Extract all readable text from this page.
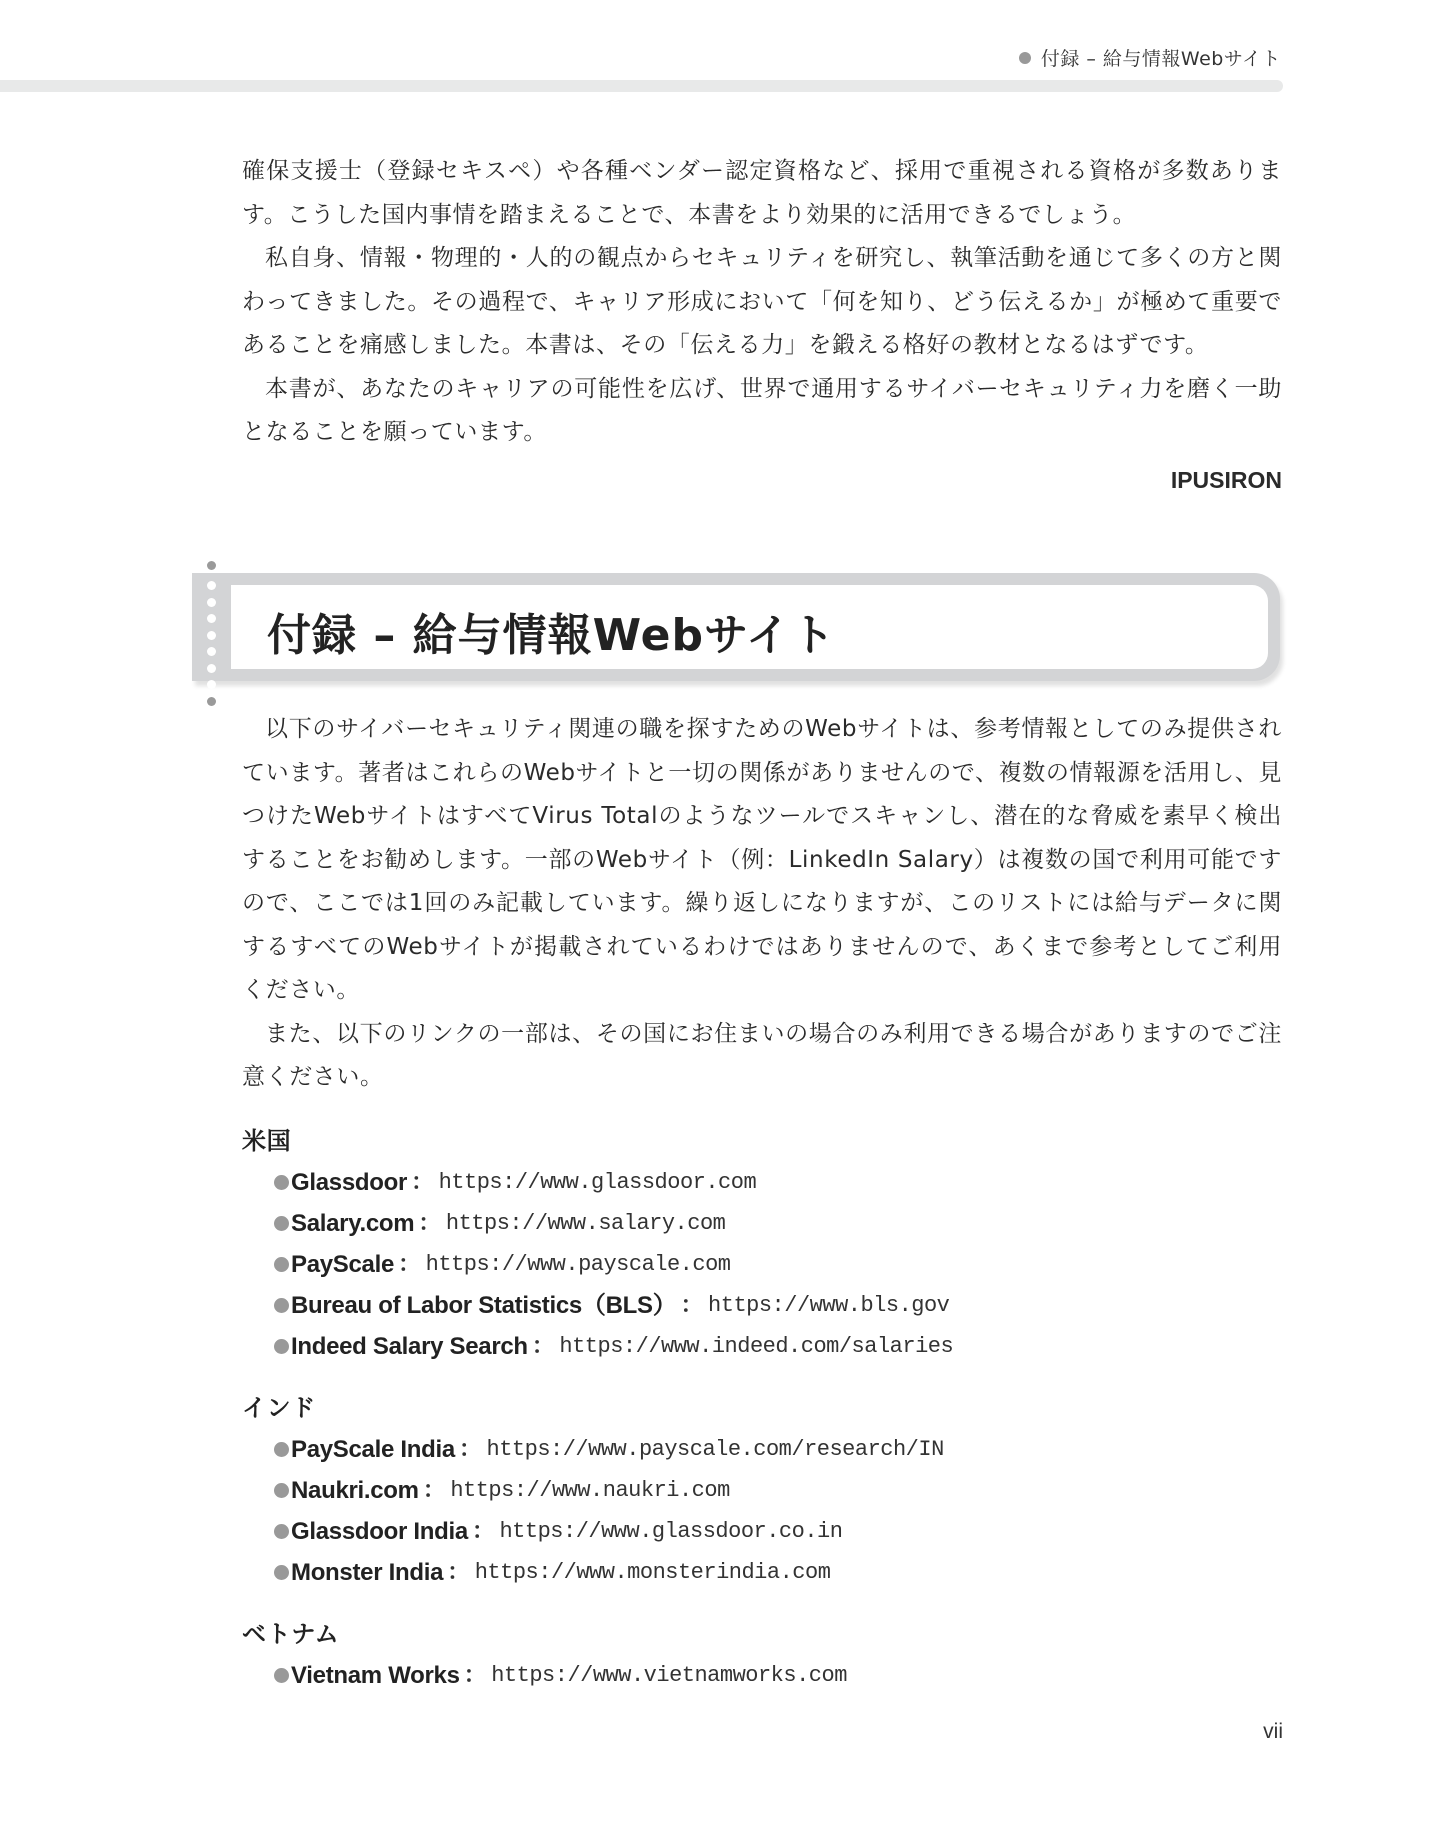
付録 – 給与情報Webサイト

確保支援士（登録セキスペ）や各種ベンダー認定資格など、採用で重視される資格が多数あります。こうした国内事情を踏まえることで、本書をより効果的に活用できるでしょう。

私自身、情報・物理的・人的の観点からセキュリティを研究し、執筆活動を通じて多くの方と関わってきました。その過程で、キャリア形成において「何を知り、どう伝えるか」が極めて重要であることを痛感しました。本書は、その「伝える力」を鍛える格好の教材となるはずです。

本書が、あなたのキャリアの可能性を広げ、世界で通用するサイバーセキュリティ力を磨く一助となることを願っています。

IPUSIRON
付録 – 給与情報Webサイト

以下のサイバーセキュリティ関連の職を探すためのWebサイトは、参考情報としてのみ提供されています。著者はこれらのWebサイトと一切の関係がありませんので、複数の情報源を活用し、見つけたWebサイトはすべてVirus Totalのようなツールでスキャンし、潜在的な脅威を素早く検出することをお勧めします。一部のWebサイト（例：LinkedIn Salary）は複数の国で利用可能ですので、ここでは1回のみ記載しています。繰り返しになりますが、このリストには給与データに関するすべてのWebサイトが掲載されているわけではありませんので、あくまで参考としてご利用ください。

また、以下のリンクの一部は、その国にお住まいの場合のみ利用できる場合がありますのでご注意ください。

米国
Glassdoor ： https://www.glassdoor.com
Salary.com ： https://www.salary.com
PayScale ： https://www.payscale.com
Bureau of Labor Statistics（BLS） ： https://www.bls.gov
Indeed Salary Search ： https://www.indeed.com/salaries
インド
PayScale India ： https://www.payscale.com/research/IN
Naukri.com ： https://www.naukri.com
Glassdoor India ： https://www.glassdoor.co.in
Monster India ： https://www.monsterindia.com
ベトナム
Vietnam Works ： https://www.vietnamworks.com
vii
